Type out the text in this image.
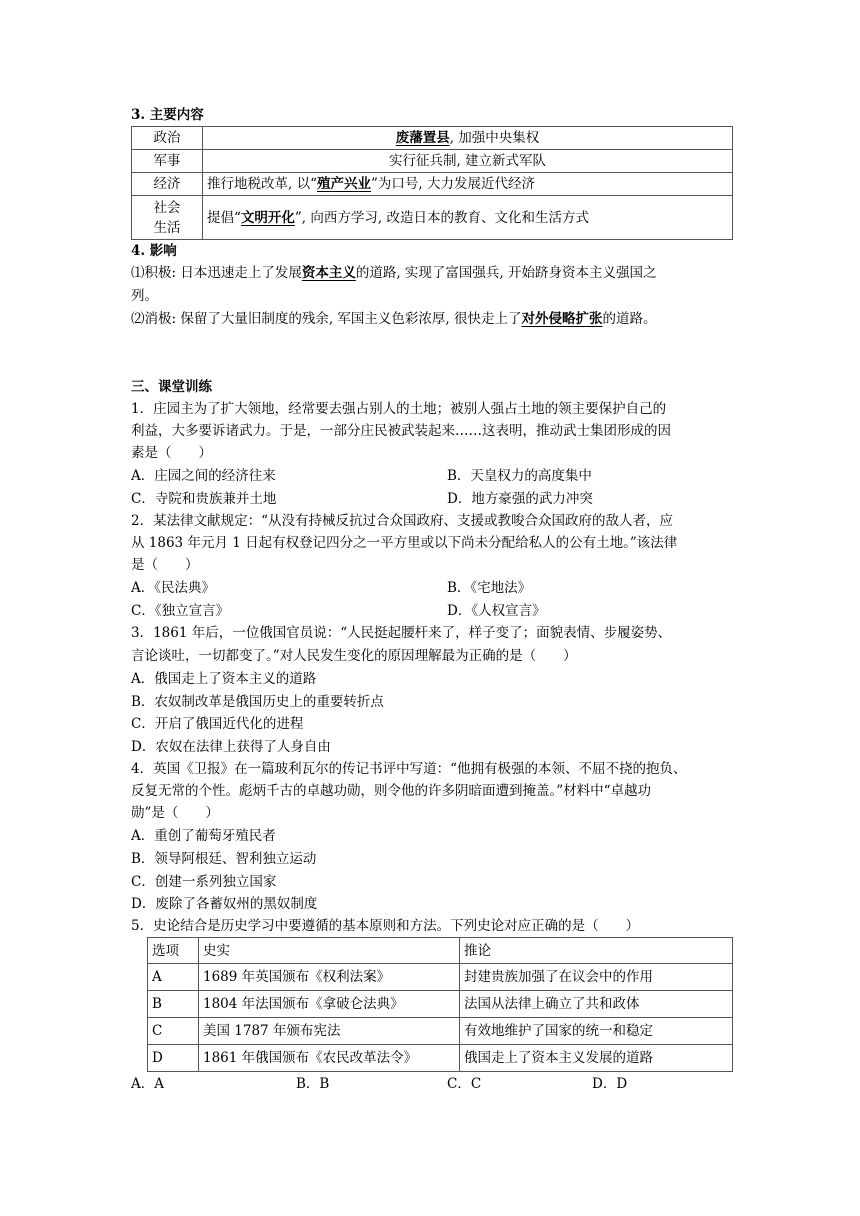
3. 主要内容
政治	废藩置县, 加强中央集权
军事	实行征兵制, 建立新式军队
经济	推行地税改革, 以“殖产兴业”为口号, 大力发展近代经济

社会
生活	提倡“文明开化”, 向西方学习, 改造日本的教育、文化和生活方式
4. 影响
⑴积极: 日本迅速走上了发展资本主义的道路, 实现了富国强兵, 开始跻身资本主义强国之
列。
⑵消极: 保留了大量旧制度的残余, 军国主义色彩浓厚, 很快走上了对外侵略扩张的道路。
三、课堂训练
1．庄园主为了扩大领地，经常要去强占别人的土地；被别人强占土地的领主要保护自己的
利益，大多要诉诸武力。于是，一部分庄民被武装起来……这表明，推动武士集团形成的因
素是（　　）
A．庄园之间的经济往来	B．天皇权力的高度集中
C．寺院和贵族兼并土地	D．地方豪强的武力冲突
2．某法律文献规定：“从没有持械反抗过合众国政府、支援或教唆合众国政府的敌人者，应
从 1863 年元月 1 日起有权登记四分之一平方里或以下尚未分配给私人的公有土地。”该法律
是（　　）
A．《民法典》	B．《宅地法》
C．《独立宣言》	D．《人权宣言》
3．1861 年后，一位俄国官员说：“人民挺起腰杆来了，样子变了；面貌表情、步履姿势、
言论谈吐，一切都变了。”对人民发生变化的原因理解最为正确的是（　　）
A．俄国走上了资本主义的道路
B．农奴制改革是俄国历史上的重要转折点
C．开启了俄国近代化的进程
D．农奴在法律上获得了人身自由
4．英国《卫报》在一篇玻利瓦尔的传记书评中写道：“他拥有极强的本领、不屈不挠的抱负、
反复无常的个性。彪炳千古的卓越功勋，则令他的许多阴暗面遭到掩盖。”材料中“卓越功
勋”是（　　）
A．重创了葡萄牙殖民者
B．领导阿根廷、智利独立运动
C．创建一系列独立国家
D．废除了各蓄奴州的黑奴制度
5．史论结合是历史学习中要遵循的基本原则和方法。下列史论对应正确的是（　　）
选项	史实	推论
A	1689 年英国颁布《权利法案》	封建贵族加强了在议会中的作用
B	1804 年法国颁布《拿破仑法典》	法国从法律上确立了共和政体
C	美国 1787 年颁布宪法	有效地维护了国家的统一和稳定
D	1861 年俄国颁布《农民改革法令》	俄国走上了资本主义发展的道路
A．A	B．B	C．C	D．D
